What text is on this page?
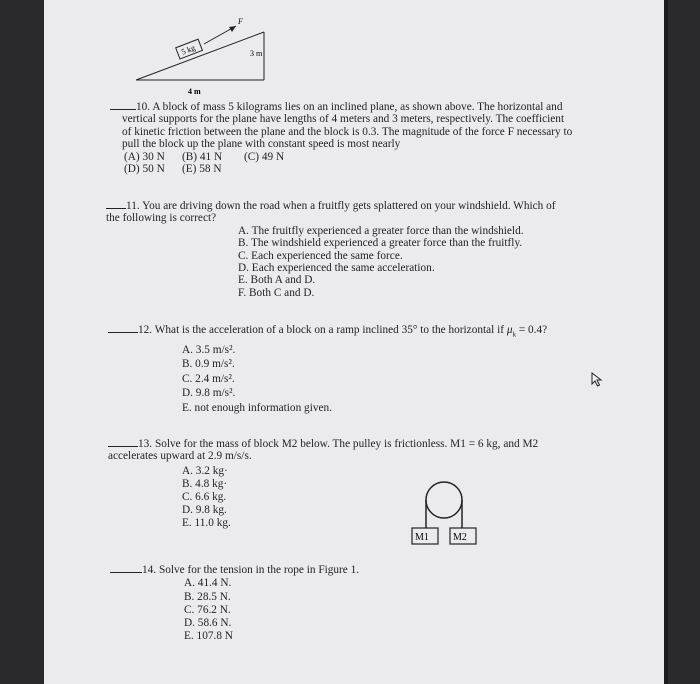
5 kg
F
3 m
4 m

10. A block of mass 5 kilograms lies on an inclined plane, as shown above. The horizontal and

vertical supports for the plane have lengths of 4 meters and 3 meters, respectively. The coefficient

of kinetic friction between the plane and the block is 0.3. The magnitude of the force F necessary to

pull the block up the plane with constant speed is most nearly

(A) 30 N (B) 41 N (C) 49 N

(D) 50 N (E) 58 N

11. You are driving down the road when a fruitfly gets splattered on your windshield. Which of

the following is correct?

A. The fruitfly experienced a greater force than the windshield.

B. The windshield experienced a greater force than the fruitfly.

C. Each experienced the same force.

D. Each experienced the same acceleration.

E. Both A and D.

F. Both C and D.

12. What is the acceleration of a block on a ramp inclined 35° to the horizontal if $\mu_k = 0.4$?

A. 3.5 m/s².

B. 0.9 m/s².

C. 2.4 m/s².

D. 9.8 m/s².

E. not enough information given.

13. Solve for the mass of block M2 below. The pulley is frictionless. M1 = 6 kg, and M2

accelerates upward at 2.9 m/s/s.

A. 3.2 kg·

B. 4.8 kg·

C. 6.6 kg.

D. 9.8 kg.

E. 11.0 kg.

M1 M2

14. Solve for the tension in the rope in Figure 1.

A. 41.4 N.

B. 28.5 N.

C. 76.2 N.

D. 58.6 N.

E. 107.8 N
